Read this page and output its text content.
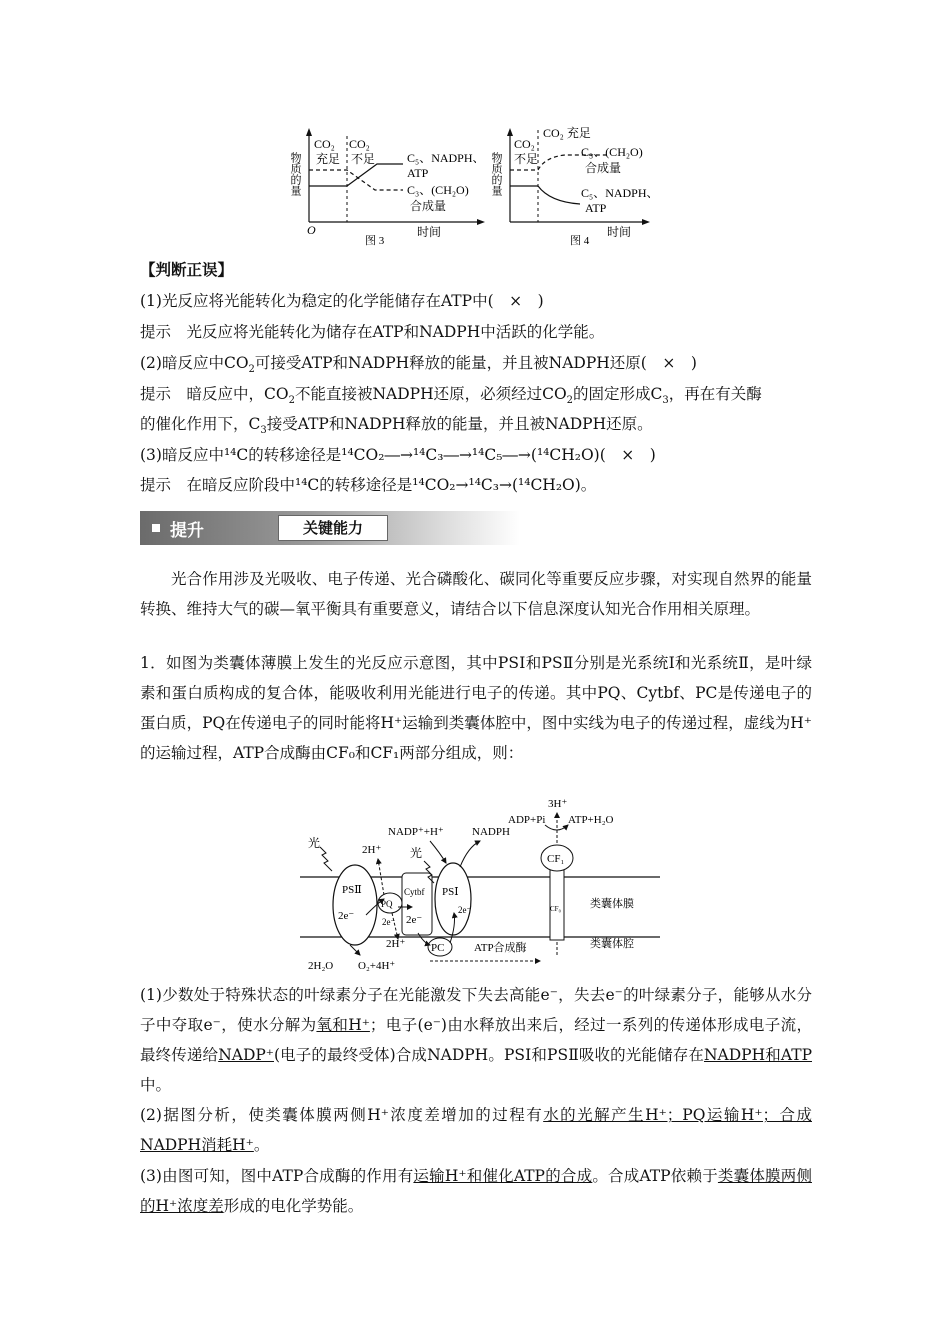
物质的量
CO₂
充足
CO₂
不足	C₅、NADPH、
ATP
C₃、(CH₂O)
合成量
O	时间
图 3
物质的量
CO₂
不足
CO₂ 充足
C₃、(CH₂O)
合成量
C₅、NADPH、
ATP
时间
图 4
【判断正误】
(1)光反应将光能转化为稳定的化学能储存在ATP中(　×　)
提示　光反应将光能转化为储存在ATP和NADPH中活跃的化学能。
(2)暗反应中$CO_2$可接受ATP和NADPH释放的能量，并且被NADPH还原(　×　)
提示　暗反应中，$CO_2$不能直接被NADPH还原，必须经过$CO_2$的固定形成$C_3$，再在有关酶
的催化作用下，$C_3$接受ATP和NADPH释放的能量，并且被NADPH还原。
(3)暗反应中¹⁴C的转移途径是¹⁴CO₂―→¹⁴C₃―→¹⁴C₅―→(¹⁴CH₂O)(　×　)
提示　在暗反应阶段中¹⁴C的转移途径是¹⁴CO₂→¹⁴C₃→(¹⁴CH₂O)。
提升	关键能力
光合作用涉及光吸收、电子传递、光合磷酸化、碳同化等重要反应步骤，对实现自然界的能量转换、维持大气的碳—氧平衡具有重要意义，请结合以下信息深度认知光合作用相关原理。
1．如图为类囊体薄膜上发生的光反应示意图，其中PSⅠ和PSⅡ分别是光系统Ⅰ和光系统Ⅱ，是叶绿素和蛋白质构成的复合体，能吸收利用光能进行电子的传递。其中PQ、Cytbf、PC是传递电子的蛋白质，PQ在传递电子的同时能将H⁺运输到类囊体腔中，图中实线为电子的传递过程，虚线为H⁺的运输过程，ATP合成酶由CF₀和CF₁两部分组成，则：
PSⅡ
2e⁻
PQ
2e⁻
Cytbf
2e⁻
PSⅠ
2e⁻
PC
CF₀
CF₁
光
光
2H⁺
NADP⁺+H⁺	NADPH
ADP+Pi ATP+H₂O
3H⁺
2H₂O O₂+4H⁺
2H⁺	ATP合成酶
类囊体膜
类囊体腔
(1)少数处于特殊状态的叶绿素分子在光能激发下失去高能e⁻，失去e⁻的叶绿素分子，能够从水分子中夺取e⁻，使水分解为氧和H⁺；电子(e⁻)由水释放出来后，经过一系列的传递体形成电子流，最终传递给NADP⁺(电子的最终受体)合成NADPH。PSⅠ和PSⅡ吸收的光能储存在NADPH和ATP中。
(2)据图分析，使类囊体膜两侧H⁺浓度差增加的过程有水的光解产生H⁺；PQ运输H⁺；合成NADPH消耗H⁺。
(3)由图可知，图中ATP合成酶的作用有运输H⁺和催化ATP的合成。合成ATP依赖于类囊体膜两侧的H⁺浓度差形成的电化学势能。
